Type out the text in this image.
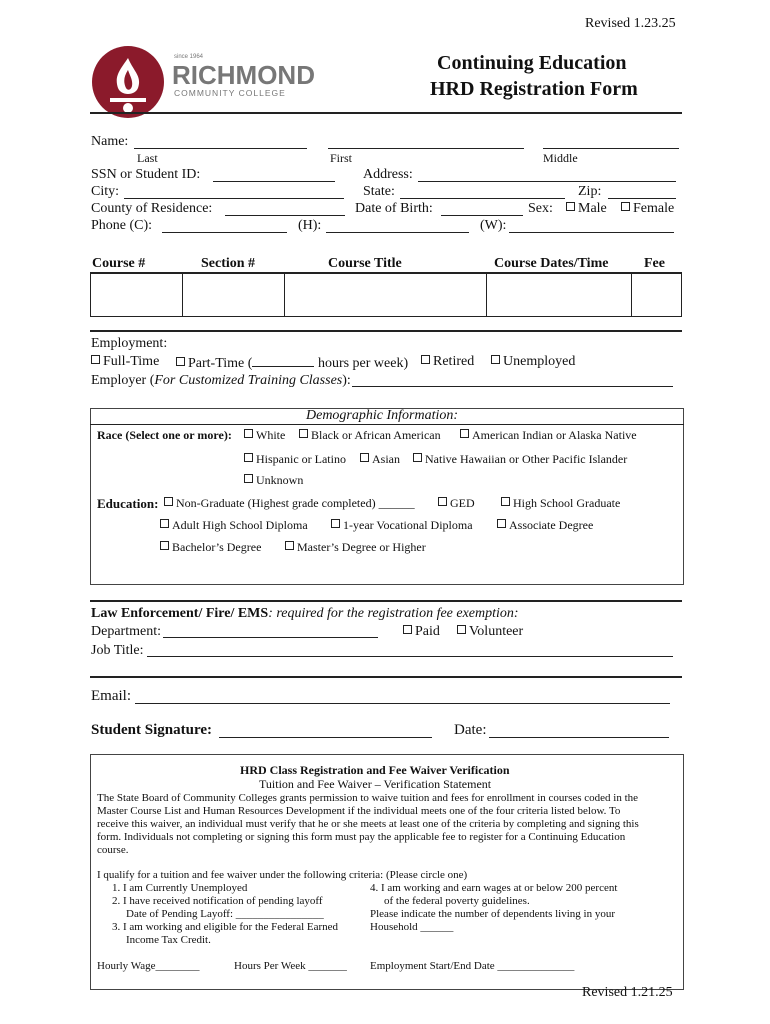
Revised 1.23.25
since 1964
RICHMOND
COMMUNITY COLLEGE
Continuing Education
HRD Registration Form
Name:
Last	First	Middle
SSN or Student ID:	Address:
City:	State:	Zip:
County of Residence:	Date of Birth:	Sex:	Male	Female
Phone (C):	(H):	(W):
Course #	Section #	Course Title	Course Dates/Time	Fee
Employment:
Full-Time	Part-Time (	hours per week)	Retired	Unemployed
Employer (For Customized Training Classes):
Demographic Information:
Race (Select one or more):	White	Black or African American	American Indian or Alaska Native
Hispanic or Latino	Asian	Native Hawaiian or Other Pacific Islander
Unknown
Education:	Non-Graduate (Highest grade completed) ______	GED	High School Graduate
Adult High School Diploma	1-year Vocational Diploma	Associate Degree
Bachelor’s Degree	Master’s Degree or Higher
Law Enforcement/ Fire/ EMS: required for the registration fee exemption:
Department:	Paid	Volunteer
Job Title:
Email:
Student Signature:	Date:
HRD Class Registration and Fee Waiver Verification
Tuition and Fee Waiver – Verification Statement
The State Board of Community Colleges grants permission to waive tuition and fees for enrollment in courses coded in the
Master Course List and Human Resources Development if the individual meets one of the four criteria listed below. To
receive this waiver, an individual must verify that he or she meets at least one of the criteria by completing and signing this
form. Individuals not completing or signing this form must pay the applicable fee to register for a Continuing Education
course.
I qualify for a tuition and fee waiver under the following criteria: (Please circle one)
1. I am Currently Unemployed
2. I have received notification of pending layoff
Date of Pending Layoff: ________________
3. I am working and eligible for the Federal Earned
Income Tax Credit.
4. I am working and earn wages at or below 200 percent
of the federal poverty guidelines.
Please indicate the number of dependents living in your
Household ______
Hourly Wage________	Hours Per Week _______ Employment Start/End Date ______________
Revised 1.21.25
